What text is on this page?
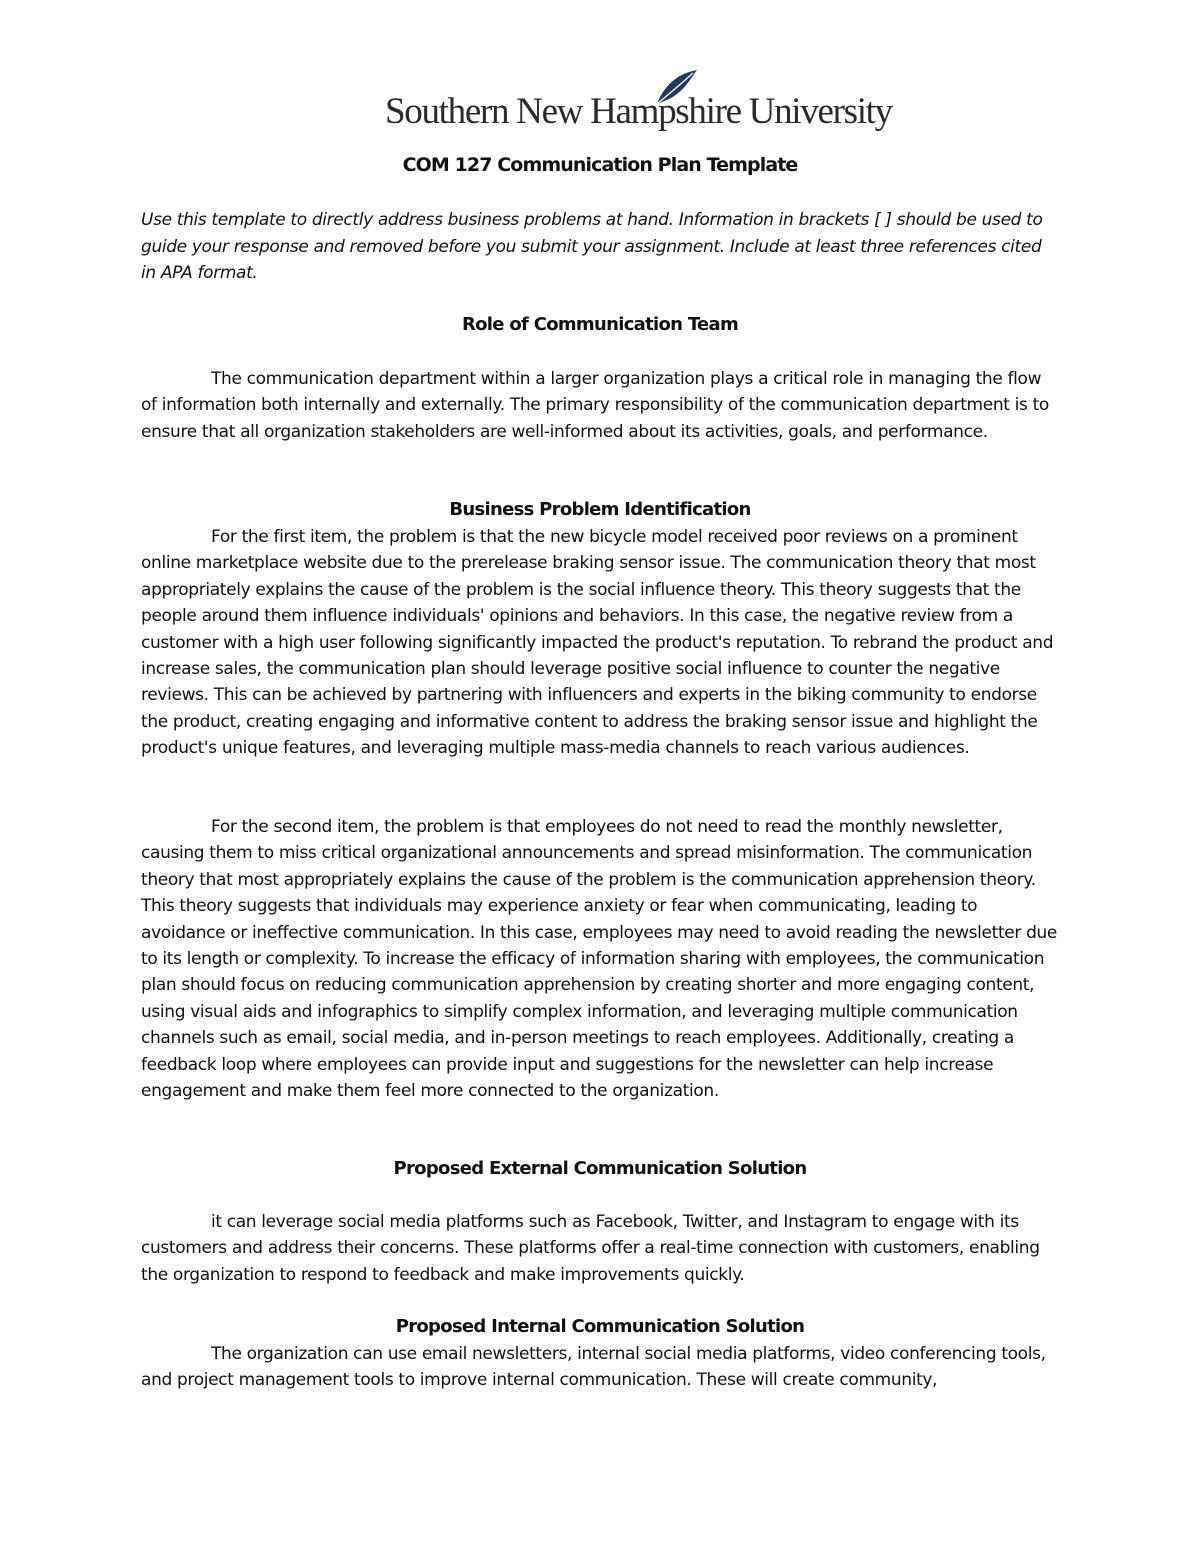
Southern New Hampshire University
COM 127 Communication Plan Template
Use this template to directly address business problems at hand. Information in brackets [ ] should be used to guide your response and removed before you submit your assignment. Include at least three references cited in APA format.
Role of Communication Team
The communication department within a larger organization plays a critical role in managing the flow of information both internally and externally. The primary responsibility of the communication department is to ensure that all organization stakeholders are well-informed about its activities, goals, and performance.
Business Problem Identification
For the first item, the problem is that the new bicycle model received poor reviews on a prominent online marketplace website due to the prerelease braking sensor issue. The communication theory that most appropriately explains the cause of the problem is the social influence theory. This theory suggests that the people around them influence individuals' opinions and behaviors. In this case, the negative review from a customer with a high user following significantly impacted the product's reputation. To rebrand the product and increase sales, the communication plan should leverage positive social influence to counter the negative reviews. This can be achieved by partnering with influencers and experts in the biking community to endorse the product, creating engaging and informative content to address the braking sensor issue and highlight the product's unique features, and leveraging multiple mass-media channels to reach various audiences.
For the second item, the problem is that employees do not need to read the monthly newsletter, causing them to miss critical organizational announcements and spread misinformation. The communication theory that most appropriately explains the cause of the problem is the communication apprehension theory. This theory suggests that individuals may experience anxiety or fear when communicating, leading to avoidance or ineffective communication. In this case, employees may need to avoid reading the newsletter due to its length or complexity. To increase the efficacy of information sharing with employees, the communication plan should focus on reducing communication apprehension by creating shorter and more engaging content, using visual aids and infographics to simplify complex information, and leveraging multiple communication channels such as email, social media, and in-person meetings to reach employees. Additionally, creating a feedback loop where employees can provide input and suggestions for the newsletter can help increase engagement and make them feel more connected to the organization.
Proposed External Communication Solution
it can leverage social media platforms such as Facebook, Twitter, and Instagram to engage with its customers and address their concerns. These platforms offer a real-time connection with customers, enabling the organization to respond to feedback and make improvements quickly.
Proposed Internal Communication Solution
The organization can use email newsletters, internal social media platforms, video conferencing tools, and project management tools to improve internal communication. These will create community,
